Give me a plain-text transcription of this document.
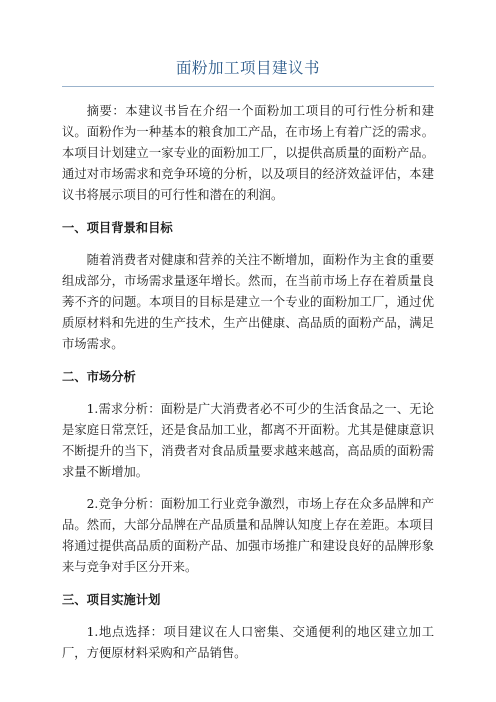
面粉加工项目建议书

摘要：本建议书旨在介绍一个面粉加工项目的可行性分析和建议。面粉作为一种基本的粮食加工产品，在市场上有着广泛的需求。本项目计划建立一家专业的面粉加工厂，以提供高质量的面粉产品。通过对市场需求和竞争环境的分析，以及项目的经济效益评估，本建议书将展示项目的可行性和潜在的利润。

一、项目背景和目标

随着消费者对健康和营养的关注不断增加，面粉作为主食的重要组成部分，市场需求量逐年增长。然而，在当前市场上存在着质量良莠不齐的问题。本项目的目标是建立一个专业的面粉加工厂，通过优质原材料和先进的生产技术，生产出健康、高品质的面粉产品，满足市场需求。

二、市场分析

1.需求分析：面粉是广大消费者必不可少的生活食品之一、无论是家庭日常烹饪，还是食品加工业，都离不开面粉。尤其是健康意识不断提升的当下，消费者对食品质量要求越来越高，高品质的面粉需求量不断增加。

2.竞争分析：面粉加工行业竞争激烈，市场上存在众多品牌和产品。然而，大部分品牌在产品质量和品牌认知度上存在差距。本项目将通过提供高品质的面粉产品、加强市场推广和建设良好的品牌形象来与竞争对手区分开来。

三、项目实施计划

1.地点选择：项目建议在人口密集、交通便利的地区建立加工厂，方便原材料采购和产品销售。
